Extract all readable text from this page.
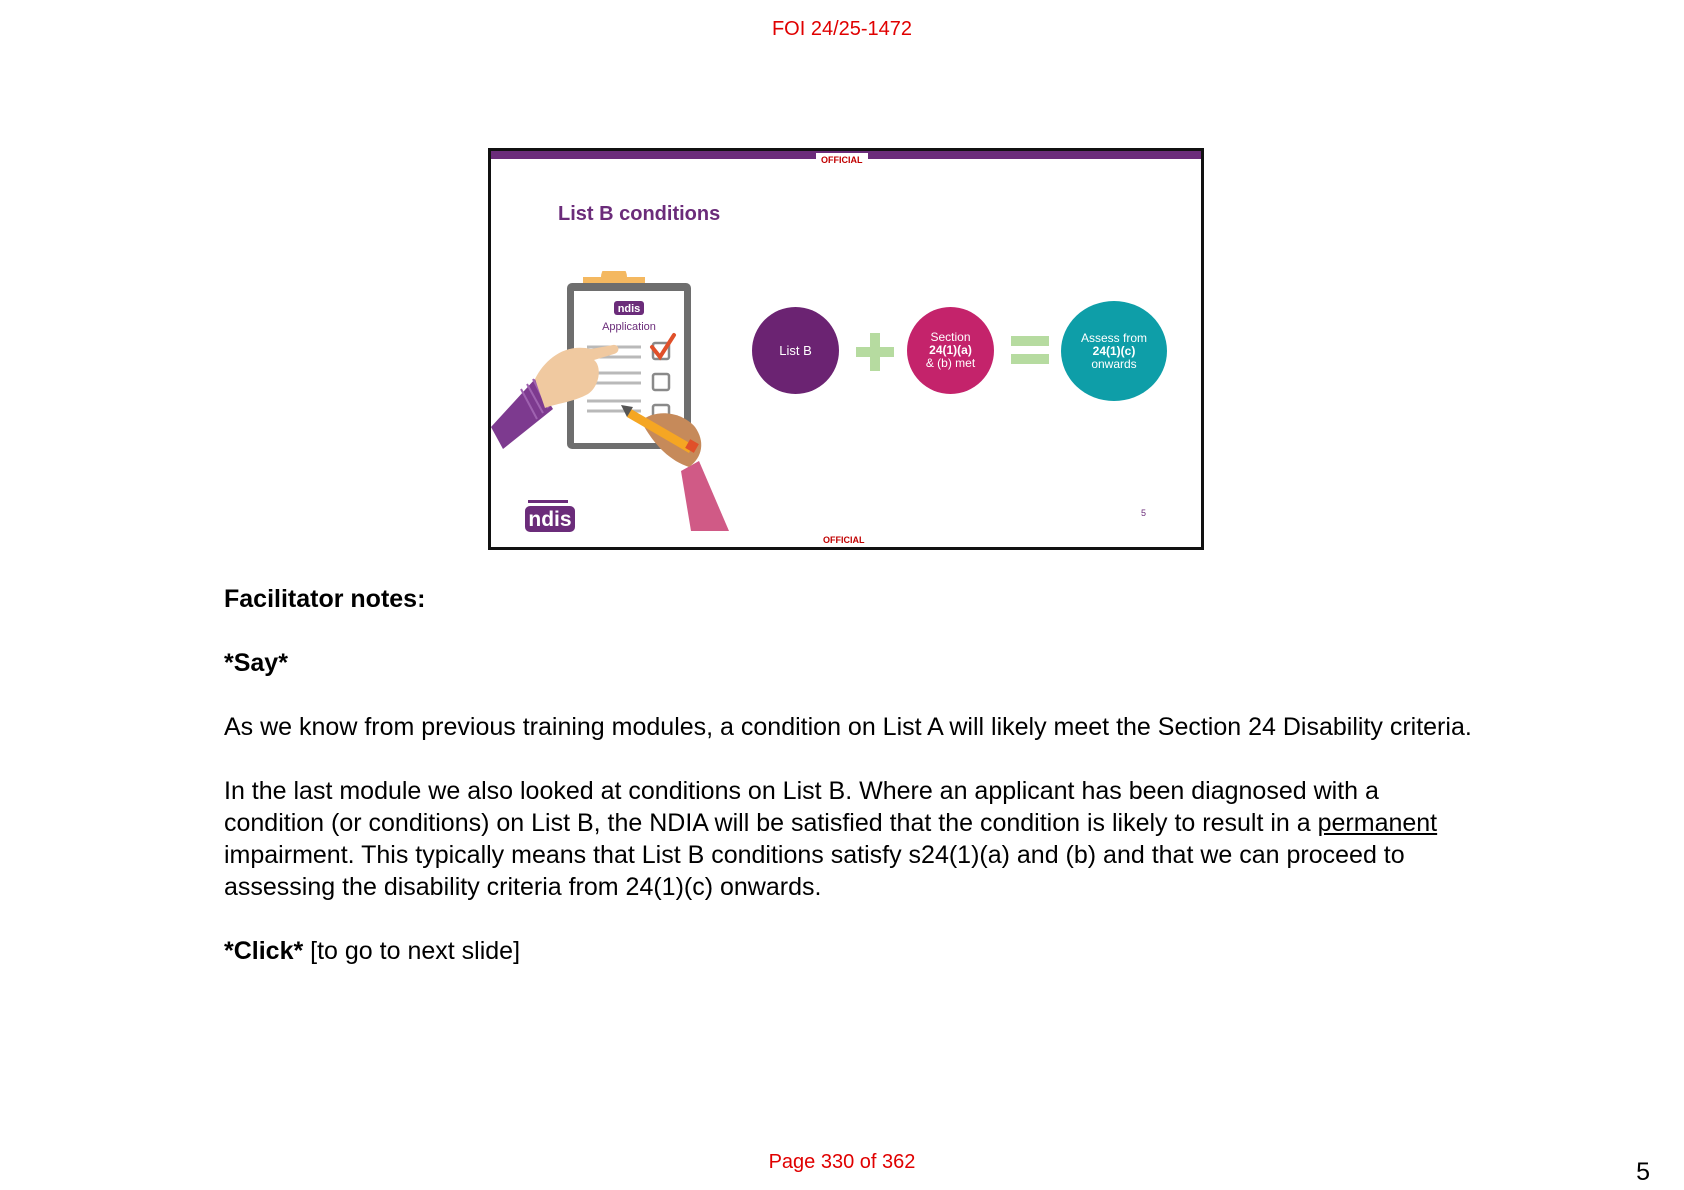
FOI 24/25-1472
OFFICIAL
List B conditions
ndis
Application
List B
Section
24(1)(a)
& (b) met
Assess from
24(1)(c)
onwards
5
ndis
OFFICIAL

Facilitator notes:

*Say*

As we know from previous training modules, a condition on List A will likely meet the Section 24 Disability criteria.

In the last module we also looked at conditions on List B. Where an applicant has been diagnosed with a condition (or conditions) on List B, the NDIA will be satisfied that the condition is likely to result in a permanent impairment. This typically means that List B conditions satisfy s24(1)(a) and (b) and that we can proceed to assessing the disability criteria from 24(1)(c) onwards.

*Click* [to go to next slide]

Page 330 of 362	5
